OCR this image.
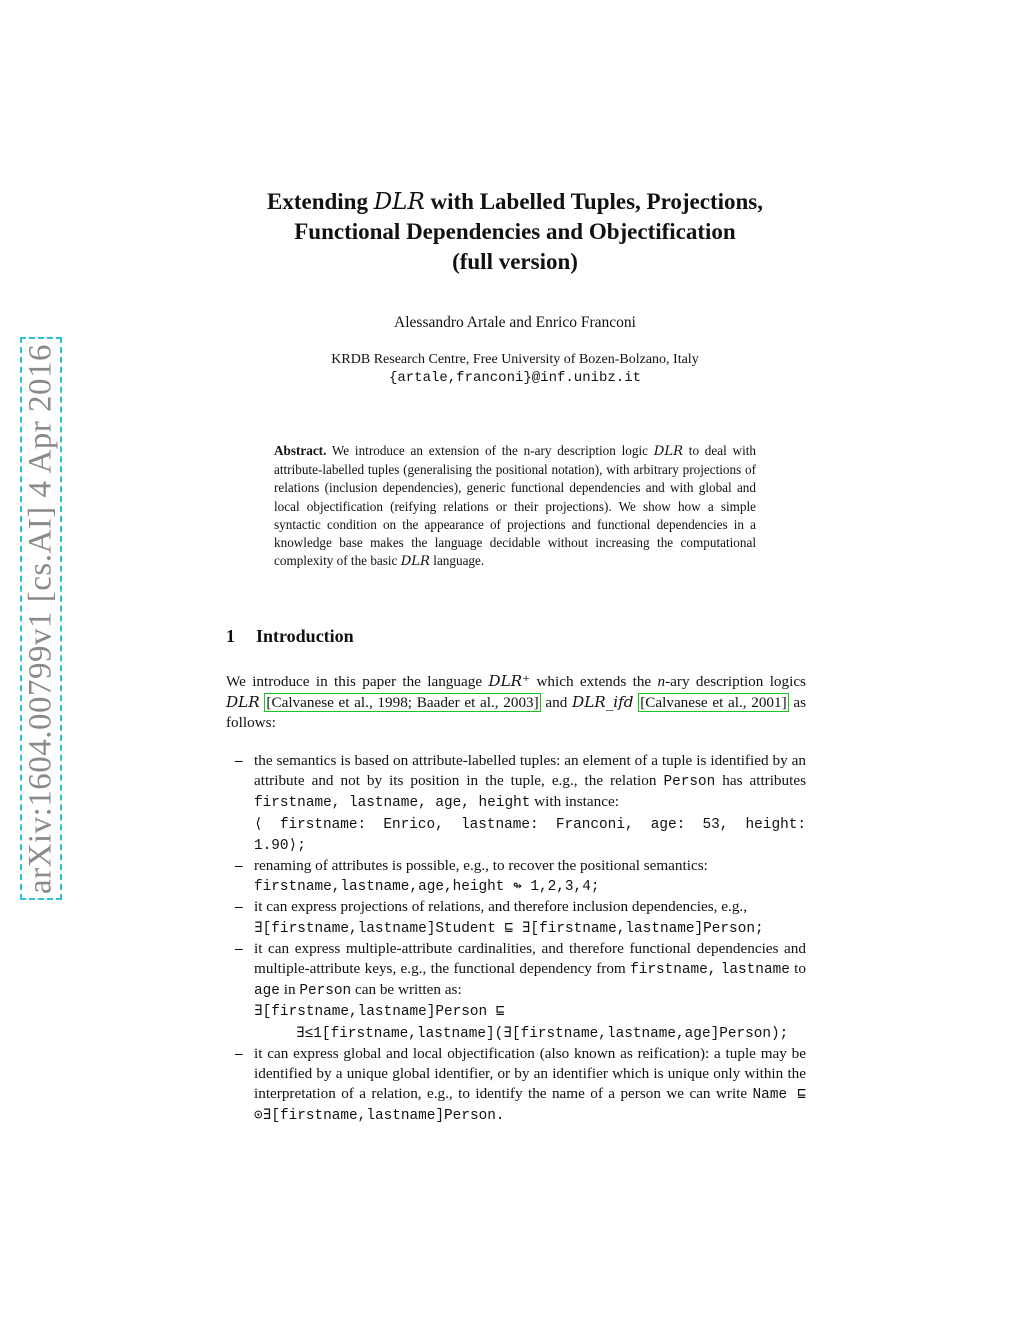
arXiv:1604.00799v1 [cs.AI] 4 Apr 2016
Extending DLR with Labelled Tuples, Projections,
Functional Dependencies and Objectification
(full version)
Alessandro Artale and Enrico Franconi
KRDB Research Centre, Free University of Bozen-Bolzano, Italy
{artale,franconi}@inf.unibz.it
Abstract. We introduce an extension of the n-ary description logic DLR to deal with attribute-labelled tuples (generalising the positional notation), with arbitrary projections of relations (inclusion dependencies), generic functional dependencies and with global and local objectification (reifying relations or their projections). We show how a simple syntactic condition on the appearance of projections and functional dependencies in a knowledge base makes the language decidable without increasing the computational complexity of the basic DLR language.
1 Introduction
We introduce in this paper the language DLR⁺ which extends the n-ary description logics DLR [Calvanese et al., 1998; Baader et al., 2003] and DLR_ifd [Calvanese et al., 2001] as follows:
– the semantics is based on attribute-labelled tuples: an element of a tuple is identified by an attribute and not by its position in the tuple, e.g., the relation Person has attributes firstname, lastname, age, height with instance:
⟨ firstname: Enrico, lastname: Franconi, age: 53, height: 1.90⟩;
– renaming of attributes is possible, e.g., to recover the positional semantics:
firstname,lastname,age,height ↬ 1,2,3,4;
– it can express projections of relations, and therefore inclusion dependencies, e.g.,
∃[firstname,lastname]Student ⊑ ∃[firstname,lastname]Person;
– it can express multiple-attribute cardinalities, and therefore functional dependencies and multiple-attribute keys, e.g., the functional dependency from firstname, lastname to age in Person can be written as:
∃[firstname,lastname]Person ⊑

∃≤1[firstname,lastname](∃[firstname,lastname,age]Person);
– it can express global and local objectification (also known as reification): a tuple may be identified by a unique global identifier, or by an identifier which is unique only within the interpretation of a relation, e.g., to identify the name of a person we can write Name ⊑ ⊙∃[firstname,lastname]Person.
